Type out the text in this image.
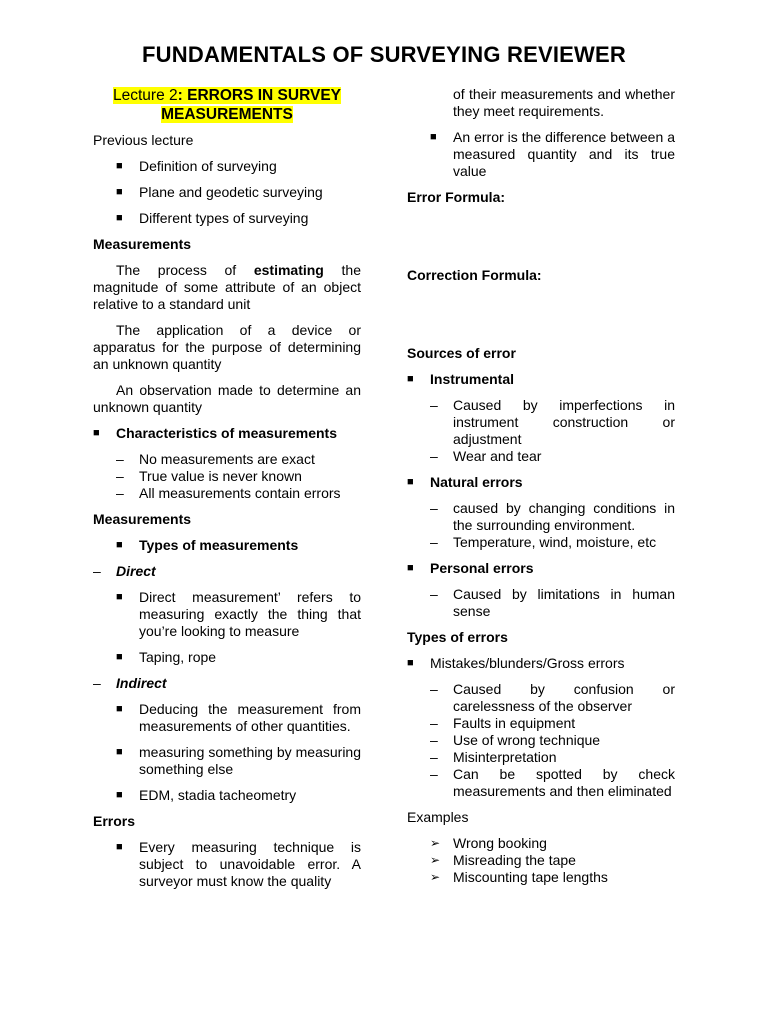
FUNDAMENTALS OF SURVEYING REVIEWER
Lecture 2: ERRORS IN SURVEY MEASUREMENTS
Previous lecture
■ Definition of surveying
■ Plane and geodetic surveying
■ Different types of surveying
Measurements
The process of estimating the magnitude of some attribute of an object relative to a standard unit
The application of a device or apparatus for the purpose of determining an unknown quantity
An observation made to determine an unknown quantity
■ Characteristics of measurements
– No measurements are exact
– True value is never known
– All measurements contain errors
Measurements
■ Types of measurements
– Direct
■ Direct measurement’ refers to measuring exactly the thing that you’re looking to measure
■ Taping, rope
– Indirect
■ Deducing the measurement from measurements of other quantities.
■ measuring something by measuring something else
■ EDM, stadia tacheometry
Errors
■ Every measuring technique is subject to unavoidable error. A surveyor must know the quality
of their measurements and whether they meet requirements.
■ An error is the difference between a measured quantity and its true value
Error Formula:
Correction Formula:
Sources of error
■ Instrumental
– Caused by imperfections in instrument construction or adjustment
– Wear and tear
■ Natural errors
– caused by changing conditions in the surrounding environment.
– Temperature, wind, moisture, etc
■ Personal errors
– Caused by limitations in human sense
Types of errors
■ Mistakes/blunders/Gross errors
– Caused by confusion or carelessness of the observer
– Faults in equipment
– Use of wrong technique
– Misinterpretation
– Can be spotted by check measurements and then eliminated
Examples
➢ Wrong booking
➢ Misreading the tape
➢ Miscounting tape lengths
